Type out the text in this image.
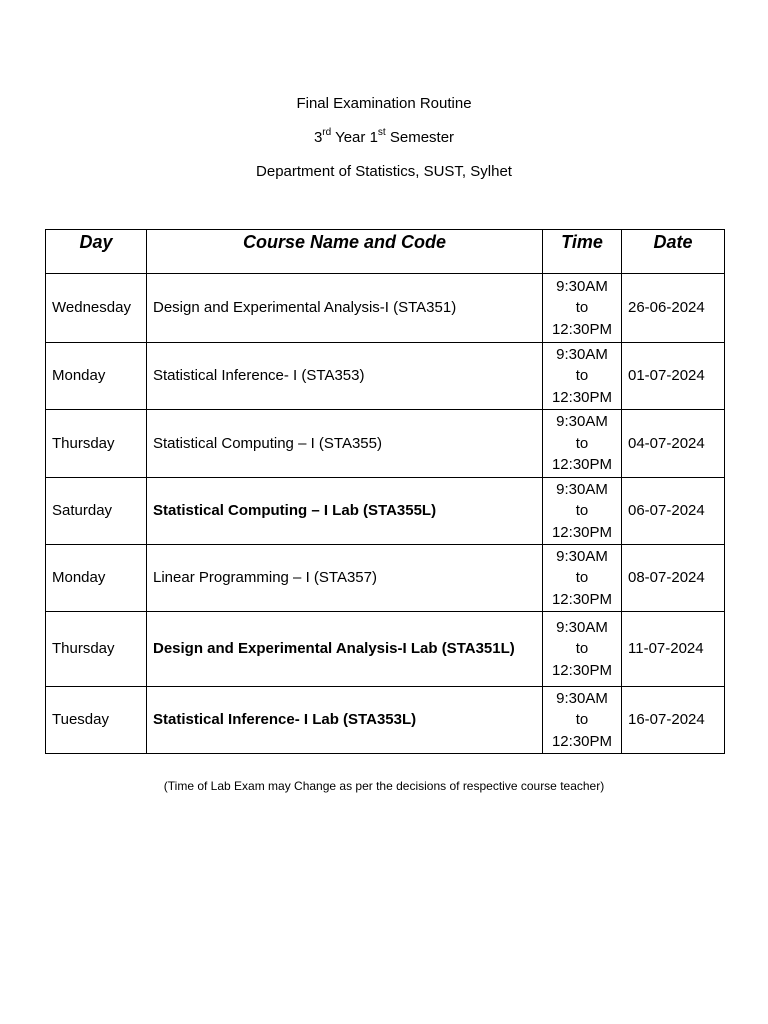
Final Examination Routine
3rd Year 1st Semester
Department of Statistics, SUST, Sylhet
Day	Course Name and Code	Time	Date
Wednesday	Design and Experimental Analysis-I (STA351)	9:30AM
to
12:30PM	26-06-2024
Monday	Statistical Inference- I (STA353)	9:30AM
to
12:30PM	01-07-2024
Thursday	Statistical Computing – I (STA355)	9:30AM
to
12:30PM	04-07-2024
Saturday	Statistical Computing – I Lab (STA355L)	9:30AM
to
12:30PM	06-07-2024
Monday	Linear Programming – I (STA357)	9:30AM
to
12:30PM	08-07-2024
Thursday	Design and Experimental Analysis-I Lab (STA351L)	9:30AM
to
12:30PM	11-07-2024
Tuesday	Statistical Inference- I Lab (STA353L)	9:30AM
to
12:30PM	16-07-2024
(Time of Lab Exam may Change as per the decisions of respective course teacher)
